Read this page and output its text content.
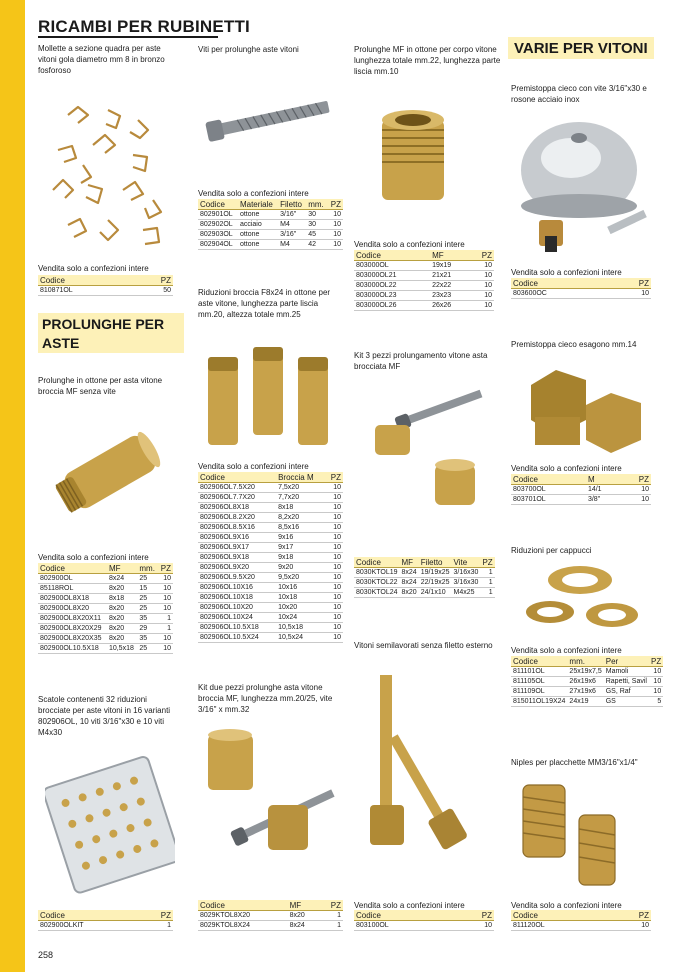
RICAMBI PER RUBINETTI
VARIE PER VITONI
PROLUNGHE PER ASTE
Mollette a sezione quadra per aste vitoni gola diametro mm 8 in bronzo fosforoso
Viti per prolunghe aste vitoni	Prolunghe MF in ottone per corpo vitone lunghezza totale mm.22, lunghezza parte liscia mm.10
Premistoppa cieco con vite 3/16"x30 e rosone acciaio inox
Riduzioni broccia F8x24 in ottone per aste vitone, lunghezza parte liscia mm.20, altezza totale mm.25
Prolunghe in ottone per asta vitone broccia MF senza vite
Kit 3 pezzi prolungamento vitone asta brocciata MF
Premistoppa cieco esagono mm.14
Riduzioni per cappucci
Vitoni semilavorati senza filetto esterno
Scatole contenenti 32 riduzioni brocciate per aste vitoni in 16 varianti 802906OL, 10 viti 3/16"x30 e 10 viti M4x30
Kit due pezzi prolunghe asta vitone broccia MF, lunghezza mm.20/25, vite 3/16" x mm.32
Niples per placchette MM3/16"x1/4"
Vendita solo a confezioni intere
Vendita solo a confezioni intere
Vendita solo a confezioni intere
Vendita solo a confezioni intere
Vendita solo a confezioni intere
Vendita solo a confezioni intere
Vendita solo a confezioni intere
Vendita solo a confezioni intere
Vendita solo a confezioni intere	Vendita solo a confezioni intere
Codice	PZ
810871OL	50
Codice	Materiale	Filetto	mm.	PZ
802901OL	ottone	3/16"	30	10
802902OL	acciaio	M4	30	10
802903OL	ottone	3/16"	45	10
802904OL	ottone	M4	42	10
Codice	MF	PZ
803000OL	19x19	10
803000OL21	21x21	10
803000OL22	22x22	10
803000OL23	23x23	10
803000OL26	26x26	10
Codice	PZ
803600OC	10
Codice	Broccia M	PZ
802906OL7.5X20	7,5x20	10
802906OL7.7X20	7,7x20	10
802906OL8X18	8x18	10
802906OL8.2X20	8,2x20	10
802906OL8.5X16	8,5x16	10
802906OL9X16	9x16	10
802906OL9X17	9x17	10
802906OL9X18	9x18	10
802906OL9X20	9x20	10
802906OL9.5X20	9,5x20	10
802906OL10X16	10x16	10
802906OL10X18	10x18	10
802906OL10X20	10x20	10
802906OL10X24	10x24	10
802906OL10.5X18	10,5x18	10
802906OL10.5X24	10,5x24	10
Codice	MF	mm.	PZ
802900OL	8x24	25	10
85118ROL	8x20	15	10
802900OL8X18	8x18	25	10
802900OL8X20	8x20	25	10
802900OL8X20X11	8x20	35	1
802900OL8X20X29	8x20	29	1
802900OL8X20X35	8x20	35	10
802900OL10.5X18	10,5x18	25	10
Codice	MF	Filetto	Vite	PZ
8030KTOL19	8x24	19/19x25	3/16x30	1
8030KTOL22	8x24	22/19x25	3/16x30	1
8030KTOL24	8x20	24/1x10	M4x25	1
Codice	M	PZ
803700OL	14/1	10
803701OL	3/8"	10
Codice	mm.	Per	PZ
811101OL	25x19x7,5	Mamoli	10
811105OL	26x19x6	Rapetti, Savil	10
811109OL	27x19x6	GS, Raf	10
815011OL19X24	24x19	GS	5
Codice	PZ
802900OLKIT	1
Codice	MF	PZ
8029KTOL8X20	8x20	1
8029KTOL8X24	8x24	1
Codice	PZ
803100OL	10
Codice	PZ
811120OL	10
258
